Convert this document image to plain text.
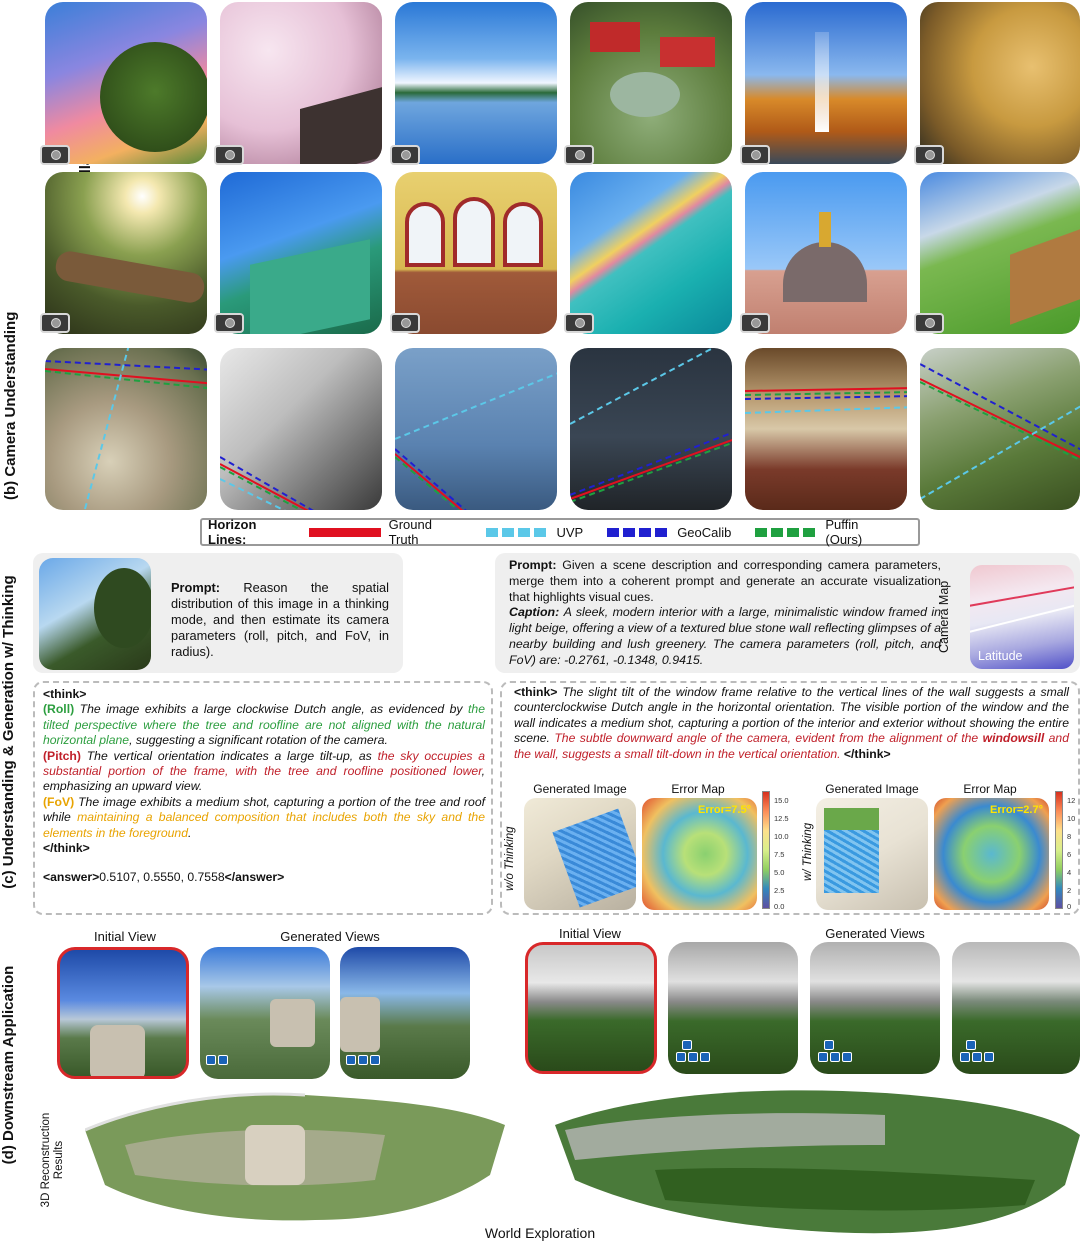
(b) Camera Understanding
(c) Understanding & Generation w/ Thinking
(d) Downstream Application
Horizon Lines:
Ground Truth	UVP	GeoCalib	Puffin (Ours)
Prompt: Reason the spatial distribution of this image in a thinking mode, and then estimate its camera parameters (roll, pitch, and FoV, in radius).
Prompt: Given a scene description and corresponding camera parameters, merge them into a coherent prompt and generate an accurate visualization that highlights visual cues.
Caption: A sleek, modern interior with a large, minimalistic window framed in light beige, offering a view of a textured blue stone wall reflecting glimpses of a nearby building and lush greenery. The camera parameters (roll, pitch, and FoV) are: -0.2761, -0.1348, 0.9415.
Camera Map
Latitude
<think>
(Roll) The image exhibits a large clockwise Dutch angle, as evidenced by the tilted perspective where the tree and roofline are not aligned with the natural horizontal plane, suggesting a significant rotation of the camera.
(Pitch) The vertical orientation indicates a large tilt-up, as the sky occupies a substantial portion of the frame, with the tree and roofline positioned lower, emphasizing an upward view.
(FoV) The image exhibits a medium shot, capturing a portion of the tree and roof while maintaining a balanced composition that includes both the sky and the elements in the foreground.
</think>
<answer>0.5107, 0.5550, 0.7558</answer>
<think> The slight tilt of the window frame relative to the vertical lines of the wall suggests a small counterclockwise Dutch angle in the horizontal orientation. The visible portion of the window and the wall indicates a medium shot, capturing a portion of the interior and exterior without showing the entire scene. The subtle downward angle of the camera, evident from the alignment of the windowsill and the wall, suggests a small tilt-down in the vertical orientation. </think>
Generated Image	Error Map
w/o Thinking
Error=7.5°
15.0
12.5
10.0
7.5
5.0
2.5
0.0
Generated Image	Error Map
w/ Thinking
Error=2.7°
12
10
8
6
4
2
0
Initial View	Generated Views	Initial View	Generated Views
3D Reconstruction Results
World Exploration
